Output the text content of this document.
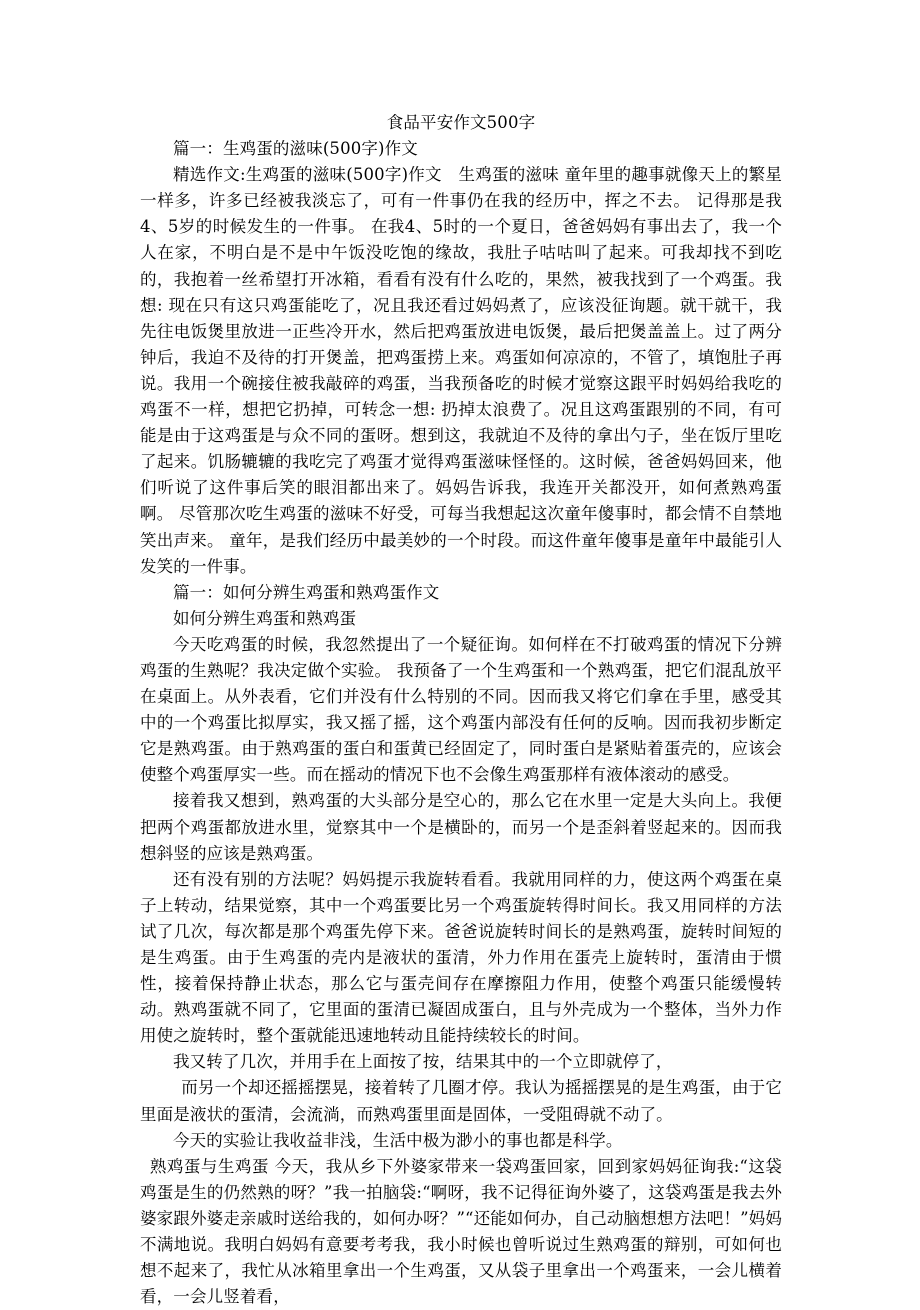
食品平安作文500字

篇一：生鸡蛋的滋味(500字)作文

精选作文:生鸡蛋的滋味(500字)作文　生鸡蛋的滋味 童年里的趣事就像天上的繁星一样多，许多已经被我淡忘了，可有一件事仍在我的经历中，挥之不去。 记得那是我4、5岁的时候发生的一件事。 在我4、5时的一个夏日，爸爸妈妈有事出去了，我一个人在家，不明白是不是中午饭没吃饱的缘故，我肚子咕咕叫了起来。可我却找不到吃的，我抱着一丝希望打开冰箱，看看有没有什么吃的，果然，被我找到了一个鸡蛋。我想: 现在只有这只鸡蛋能吃了，况且我还看过妈妈煮了，应该没征询题。就干就干，我先往电饭煲里放进一正些冷开水，然后把鸡蛋放进电饭煲，最后把煲盖盖上。过了两分钟后，我迫不及待的打开煲盖，把鸡蛋捞上来。鸡蛋如何凉凉的，不管了，填饱肚子再说。我用一个碗接住被我敲碎的鸡蛋，当我预备吃的时候才觉察这跟平时妈妈给我吃的鸡蛋不一样，想把它扔掉，可转念一想: 扔掉太浪费了。况且这鸡蛋跟别的不同，有可能是由于这鸡蛋是与众不同的蛋呀。想到这，我就迫不及待的拿出勺子，坐在饭厅里吃了起来。饥肠辘辘的我吃完了鸡蛋才觉得鸡蛋滋味怪怪的。这时候，爸爸妈妈回来，他们听说了这件事后笑的眼泪都出来了。妈妈告诉我，我连开关都没开，如何煮熟鸡蛋啊。 尽管那次吃生鸡蛋的滋味不好受，可每当我想起这次童年傻事时，都会情不自禁地笑出声来。 童年，是我们经历中最美妙的一个时段。而这件童年傻事是童年中最能引人发笑的一件事。

篇一：如何分辨生鸡蛋和熟鸡蛋作文

如何分辨生鸡蛋和熟鸡蛋

今天吃鸡蛋的时候，我忽然提出了一个疑征询。如何样在不打破鸡蛋的情况下分辨鸡蛋的生熟呢？我决定做个实验。 我预备了一个生鸡蛋和一个熟鸡蛋，把它们混乱放平在桌面上。从外表看，它们并没有什么特别的不同。因而我又将它们拿在手里，感受其中的一个鸡蛋比拟厚实，我又摇了摇，这个鸡蛋内部没有任何的反响。因而我初步断定它是熟鸡蛋。由于熟鸡蛋的蛋白和蛋黄已经固定了，同时蛋白是紧贴着蛋壳的，应该会使整个鸡蛋厚实一些。而在摇动的情况下也不会像生鸡蛋那样有液体滚动的感受。

接着我又想到，熟鸡蛋的大头部分是空心的，那么它在水里一定是大头向上。我便把两个鸡蛋都放进水里，觉察其中一个是横卧的，而另一个是歪斜着竖起来的。因而我想斜竖的应该是熟鸡蛋。

还有没有别的方法呢？妈妈提示我旋转看看。我就用同样的力，使这两个鸡蛋在桌子上转动，结果觉察，其中一个鸡蛋要比另一个鸡蛋旋转得时间长。我又用同样的方法试了几次，每次都是那个鸡蛋先停下来。爸爸说旋转时间长的是熟鸡蛋，旋转时间短的是生鸡蛋。由于生鸡蛋的壳内是液状的蛋清，外力作用在蛋壳上旋转时，蛋清由于惯性，接着保持静止状态，那么它与蛋壳间存在摩擦阻力作用，使整个鸡蛋只能缓慢转动。熟鸡蛋就不同了，它里面的蛋清已凝固成蛋白，且与外壳成为一个整体，当外力作用使之旋转时，整个蛋就能迅速地转动且能持续较长的时间。

我又转了几次，并用手在上面按了按，结果其中的一个立即就停了，

而另一个却还摇摇摆晃，接着转了几圈才停。我认为摇摇摆晃的是生鸡蛋，由于它里面是液状的蛋清，会流淌，而熟鸡蛋里面是固体，一受阻碍就不动了。

今天的实验让我收益非浅，生活中极为渺小的事也都是科学。

熟鸡蛋与生鸡蛋 今天，我从乡下外婆家带来一袋鸡蛋回家，回到家妈妈征询我:“这袋鸡蛋是生的仍然熟的呀？”我一拍脑袋:“啊呀，我不记得征询外婆了，这袋鸡蛋是我去外婆家跟外婆走亲戚时送给我的，如何办呀？”“还能如何办，自己动脑想想方法吧！”妈妈不满地说。我明白妈妈有意要考考我，我小时候也曾听说过生熟鸡蛋的辩别，可如何也想不起来了，我忙从冰箱里拿出一个生鸡蛋，又从袋子里拿出一个鸡蛋来，一会儿横着看，一会儿竖着看，
